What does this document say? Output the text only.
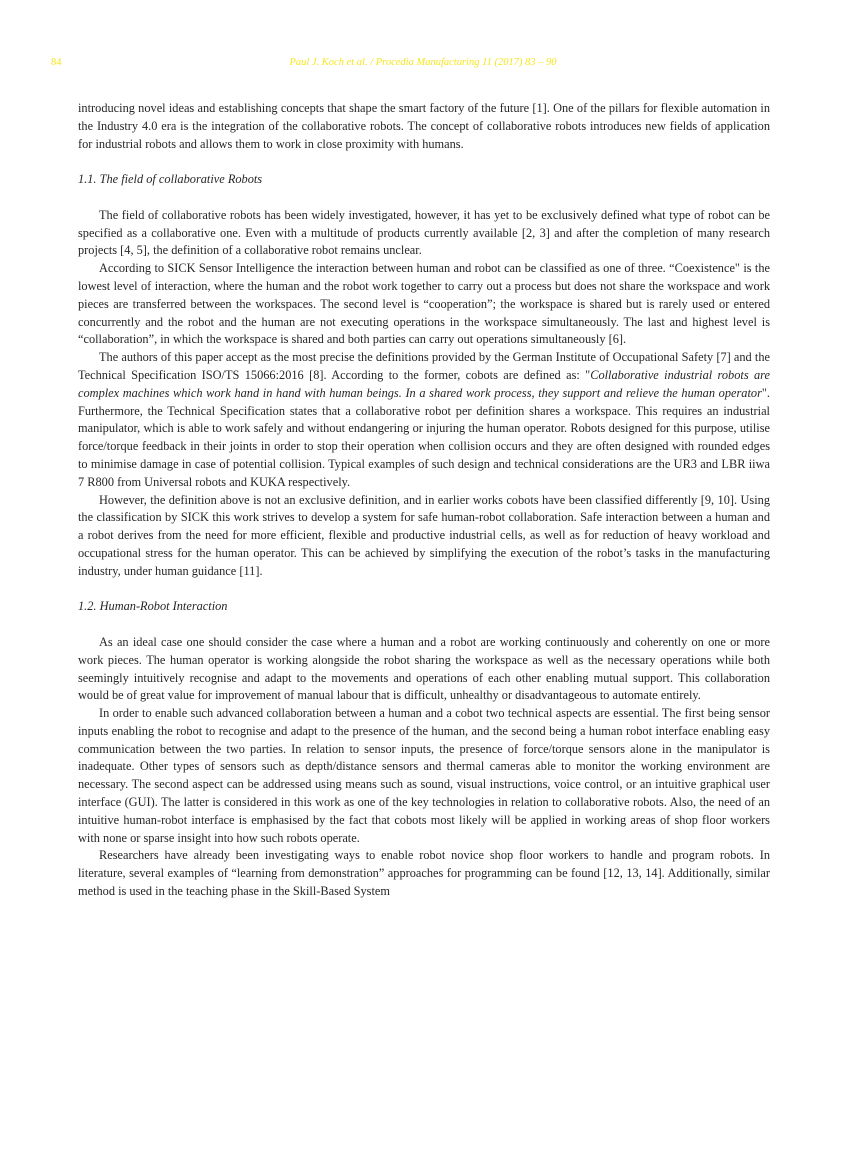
84	Paul J. Koch et al. / Procedia Manufacturing 11 (2017) 83 – 90

introducing novel ideas and establishing concepts that shape the smart factory of the future [1]. One of the pillars for flexible automation in the Industry 4.0 era is the integration of the collaborative robots. The concept of collaborative robots introduces new fields of application for industrial robots and allows them to work in close proximity with humans.

1.1. The field of collaborative Robots

The field of collaborative robots has been widely investigated, however, it has yet to be exclusively defined what type of robot can be specified as a collaborative one. Even with a multitude of products currently available [2, 3] and after the completion of many research projects [4, 5], the definition of a collaborative robot remains unclear.

According to SICK Sensor Intelligence the interaction between human and robot can be classified as one of three. “Coexistence" is the lowest level of interaction, where the human and the robot work together to carry out a process but does not share the workspace and work pieces are transferred between the workspaces. The second level is “cooperation”; the workspace is shared but is rarely used or entered concurrently and the robot and the human are not executing operations in the workspace simultaneously. The last and highest level is “collaboration”, in which the workspace is shared and both parties can carry out operations simultaneously [6].

The authors of this paper accept as the most precise the definitions provided by the German Institute of Occupational Safety [7] and the Technical Specification ISO/TS 15066:2016 [8]. According to the former, cobots are defined as: "Collaborative industrial robots are complex machines which work hand in hand with human beings. In a shared work process, they support and relieve the human operator". Furthermore, the Technical Specification states that a collaborative robot per definition shares a workspace. This requires an industrial manipulator, which is able to work safely and without endangering or injuring the human operator. Robots designed for this purpose, utilise force/torque feedback in their joints in order to stop their operation when collision occurs and they are often designed with rounded edges to minimise damage in case of potential collision. Typical examples of such design and technical considerations are the UR3 and LBR iiwa 7 R800 from Universal robots and KUKA respectively.

However, the definition above is not an exclusive definition, and in earlier works cobots have been classified differently [9, 10]. Using the classification by SICK this work strives to develop a system for safe human-robot collaboration. Safe interaction between a human and a robot derives from the need for more efficient, flexible and productive industrial cells, as well as for reduction of heavy workload and occupational stress for the human operator. This can be achieved by simplifying the execution of the robot’s tasks in the manufacturing industry, under human guidance [11].

1.2. Human-Robot Interaction

As an ideal case one should consider the case where a human and a robot are working continuously and coherently on one or more work pieces. The human operator is working alongside the robot sharing the workspace as well as the necessary operations while both seemingly intuitively recognise and adapt to the movements and operations of each other enabling mutual support. This collaboration would be of great value for improvement of manual labour that is difficult, unhealthy or disadvantageous to automate entirely.

In order to enable such advanced collaboration between a human and a cobot two technical aspects are essential. The first being sensor inputs enabling the robot to recognise and adapt to the presence of the human, and the second being a human robot interface enabling easy communication between the two parties. In relation to sensor inputs, the presence of force/torque sensors alone in the manipulator is inadequate. Other types of sensors such as depth/distance sensors and thermal cameras able to monitor the working environment are necessary. The second aspect can be addressed using means such as sound, visual instructions, voice control, or an intuitive graphical user interface (GUI). The latter is considered in this work as one of the key technologies in relation to collaborative robots. Also, the need of an intuitive human-robot interface is emphasised by the fact that cobots most likely will be applied in working areas of shop floor workers with none or sparse insight into how such robots operate.

Researchers have already been investigating ways to enable robot novice shop floor workers to handle and program robots. In literature, several examples of “learning from demonstration” approaches for programming can be found [12, 13, 14]. Additionally, similar method is used in the teaching phase in the Skill-Based System
